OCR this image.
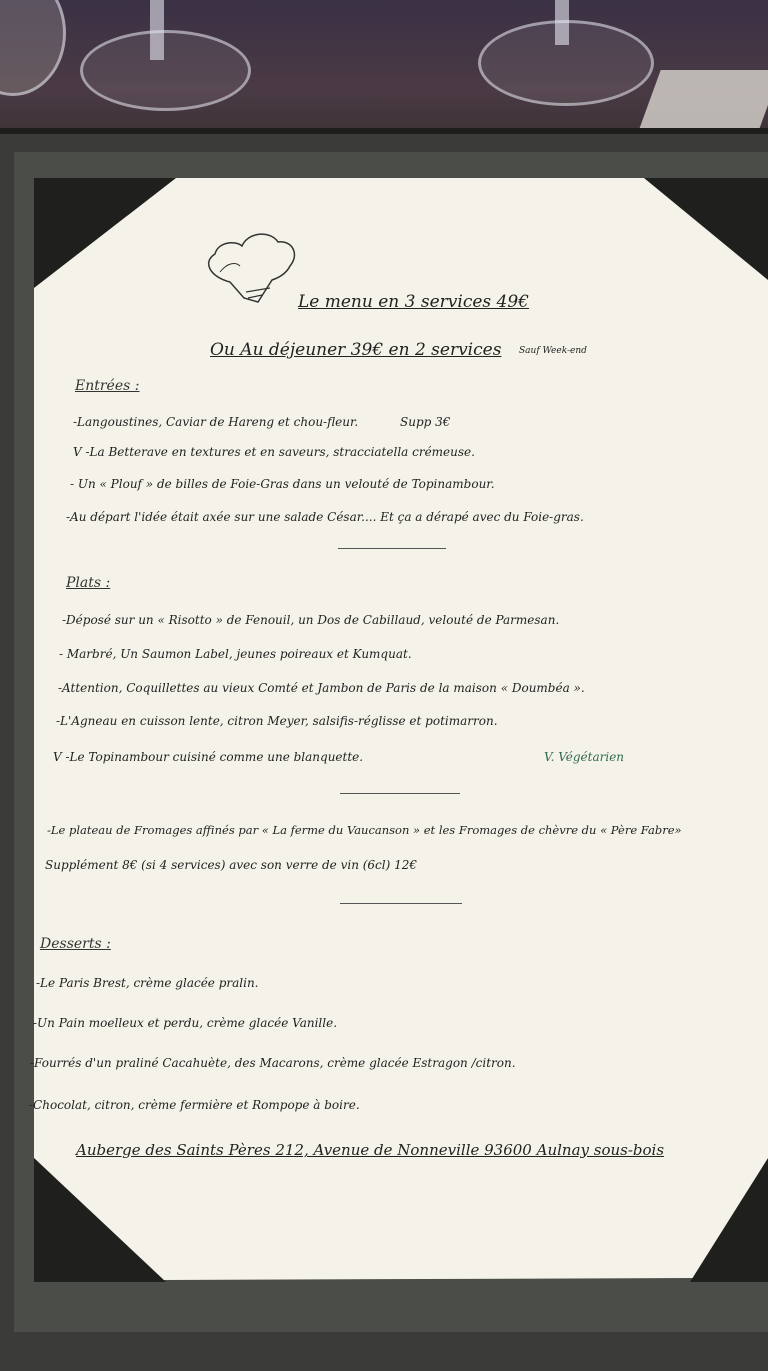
Le menu en 3 services 49€
Ou Au déjeuner 39€ en 2 services Sauf Week-end
Entrées :
-Langoustines, Caviar de Hareng et chou-fleur.	Supp 3€
V -La Betterave en textures et en saveurs, stracciatella crémeuse.
- Un « Plouf » de billes de Foie-Gras dans un velouté de Topinambour.
-Au départ l'idée était axée sur une salade César.... Et ça a dérapé avec du Foie-gras.
Plats :
-Déposé sur un « Risotto » de Fenouil, un Dos de Cabillaud, velouté de Parmesan.
- Marbré, Un Saumon Label, jeunes poireaux et Kumquat.
-Attention, Coquillettes au vieux Comté et Jambon de Paris de la maison « Doumbéa ».
-L'Agneau en cuisson lente, citron Meyer, salsifis-réglisse et potimarron.
V -Le Topinambour cuisiné comme une blanquette.	V. Végétarien
-Le plateau de Fromages affinés par « La ferme du Vaucanson » et les Fromages de chèvre du « Père Fabre»
Supplément 8€ (si 4 services) avec son verre de vin (6cl) 12€
Desserts :
-Le Paris Brest, crème glacée pralin.
-Un Pain moelleux et perdu, crème glacée Vanille.
-Fourrés d'un praliné Cacahuète, des Macarons, crème glacée Estragon /citron.
-Chocolat, citron, crème fermière et Rompope à boire.
Auberge des Saints Pères 212, Avenue de Nonneville 93600 Aulnay sous-bois
